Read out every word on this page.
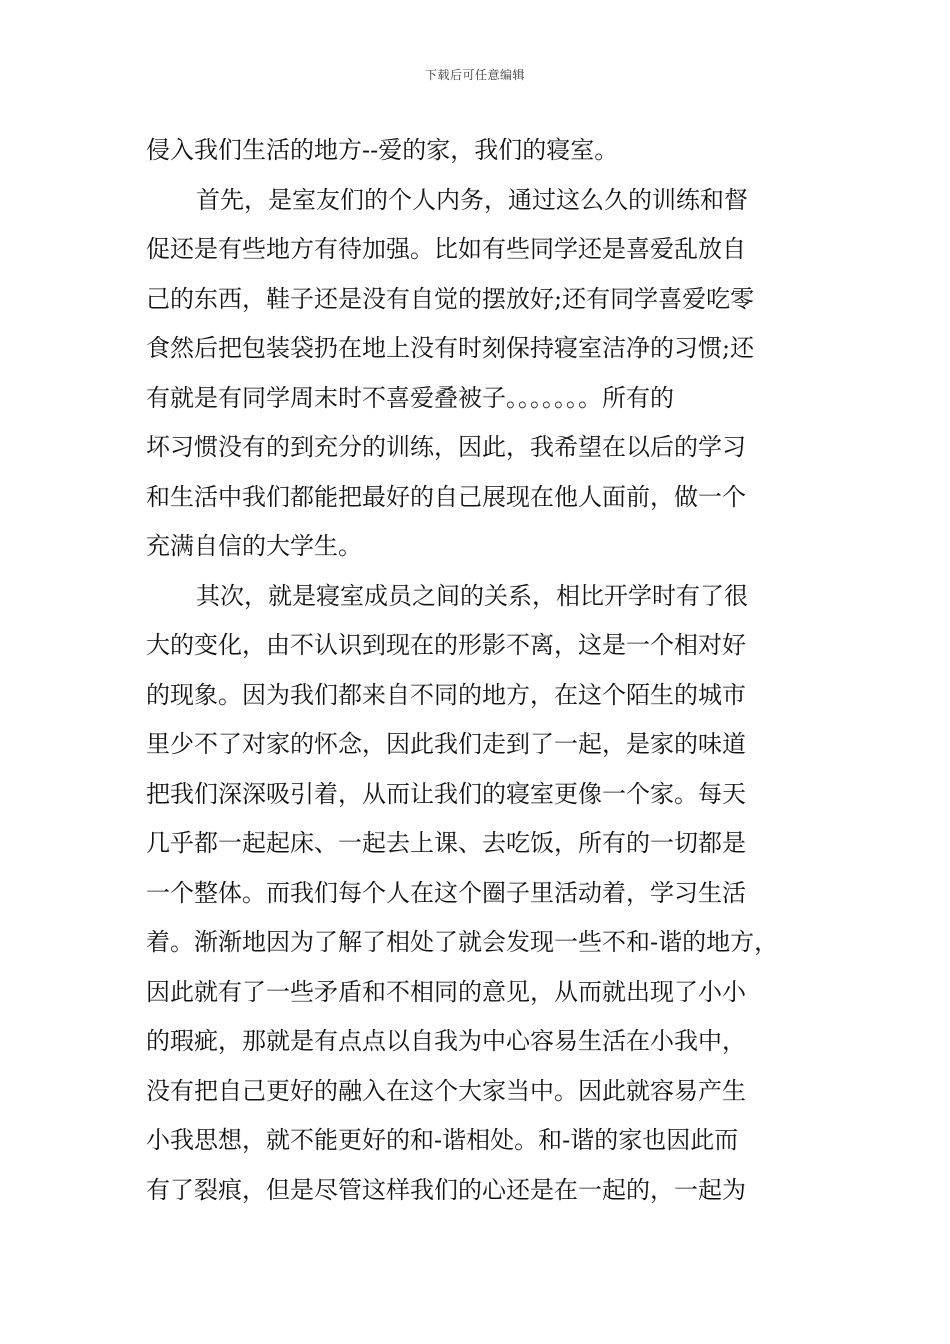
下载后可任意编辑
侵入我们生活的地方--爱的家，我们的寝室。
首先，是室友们的个人内务，通过这么久的训练和督
促还是有些地方有待加强。比如有些同学还是喜爱乱放自
己的东西，鞋子还是没有自觉的摆放好;还有同学喜爱吃零
食然后把包装袋扔在地上没有时刻保持寝室洁净的习惯;还
有就是有同学周末时不喜爱叠被子。。。。。。。所有的
坏习惯没有的到充分的训练，因此，我希望在以后的学习
和生活中我们都能把最好的自己展现在他人面前，做一个
充满自信的大学生。
其次，就是寝室成员之间的关系，相比开学时有了很
大的变化，由不认识到现在的形影不离，这是一个相对好
的现象。因为我们都来自不同的地方，在这个陌生的城市
里少不了对家的怀念，因此我们走到了一起，是家的味道
把我们深深吸引着，从而让我们的寝室更像一个家。每天
几乎都一起起床、一起去上课、去吃饭，所有的一切都是
一个整体。而我们每个人在这个圈子里活动着，学习生活
着。渐渐地因为了解了相处了就会发现一些不和-谐的地方，
因此就有了一些矛盾和不相同的意见，从而就出现了小小
的瑕疵，那就是有点点以自我为中心容易生活在小我中，
没有把自己更好的融入在这个大家当中。因此就容易产生
小我思想，就不能更好的和-谐相处。和-谐的家也因此而
有了裂痕，但是尽管这样我们的心还是在一起的，一起为
